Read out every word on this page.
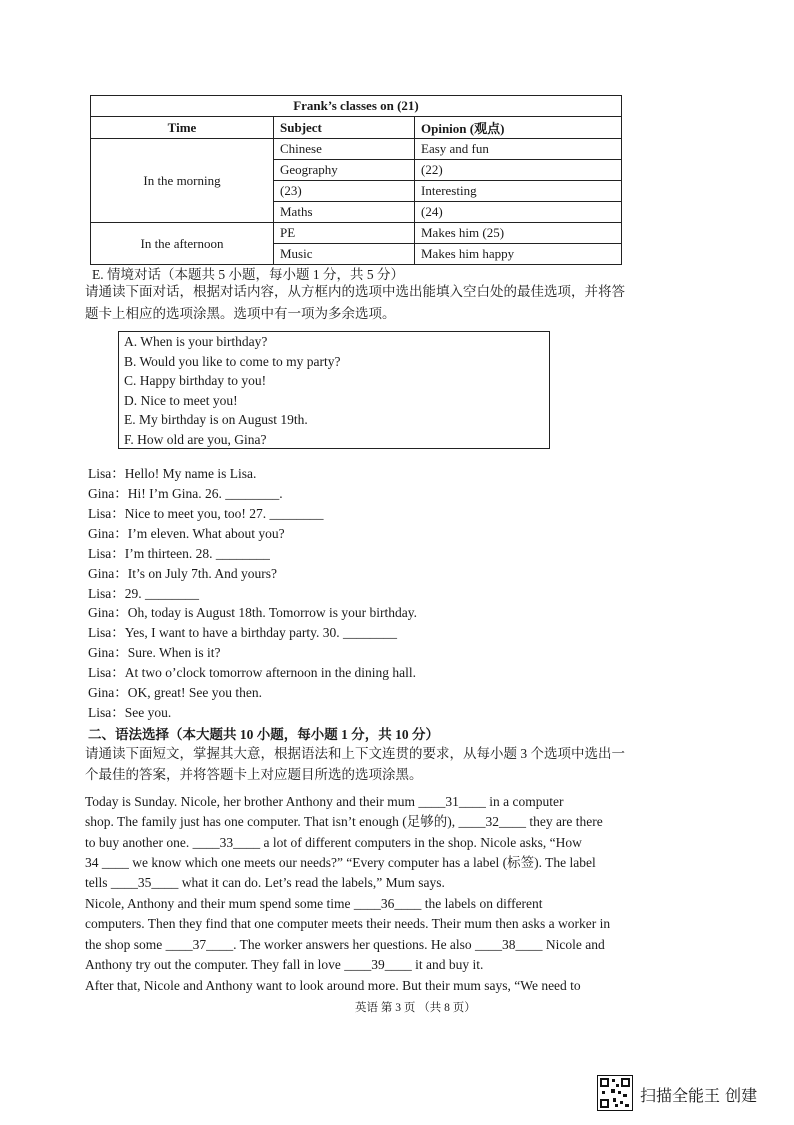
Frank’s classes on (21)		
Time	Subject	Opinion (观点)
In the morning	Chinese	Easy and fun
	Geography	(22)
	(23)	Interesting
	Maths	(24)
In the afternoon	PE	Makes him (25)
	Music	Makes him happy
E. 情境对话（本题共 5 小题，每小题 1 分，共 5 分）
请通读下面对话，根据对话内容，从方框内的选项中选出能填入空白处的最佳选项，并将答
题卡上相应的选项涂黑。选项中有一项为多余选项。
A. When is your birthday?
B. Would you like to come to my party?
C. Happy birthday to you!
D. Nice to meet you!
E. My birthday is on August 19th.
F. How old are you, Gina?
Lisa：Hello! My name is Lisa.
Gina：Hi! I’m Gina. 26. ________.
Lisa：Nice to meet you, too! 27. ________
Gina：I’m eleven. What about you?
Lisa：I’m thirteen. 28. ________
Gina：It’s on July 7th. And yours?
Lisa：29. ________
Gina：Oh, today is August 18th. Tomorrow is your birthday.
Lisa：Yes, I want to have a birthday party. 30. ________
Gina：Sure. When is it?
Lisa：At two o’clock tomorrow afternoon in the dining hall.
Gina：OK, great! See you then.
Lisa：See you.
二、语法选择（本大题共 10 小题，每小题 1 分，共 10 分）
请通读下面短文，掌握其大意，根据语法和上下文连贯的要求，从每小题 3 个选项中选出一
个最佳的答案，并将答题卡上对应题目所选的选项涂黑。
Today is Sunday. Nicole, her brother Anthony and their mum ____31____ in a computer
shop. The family just has one computer. That isn’t enough (足够的), ____32____ they are there
to buy another one. ____33____ a lot of different computers in the shop. Nicole asks, “How
34 ____ we know which one meets our needs?” “Every computer has a label (标签). The label
tells ____35____ what it can do. Let’s read the labels,” Mum says.
Nicole, Anthony and their mum spend some time ____36____ the labels on different
computers. Then they find that one computer meets their needs. Their mum then asks a worker in
the shop some ____37____. The worker answers her questions. He also ____38____ Nicole and
Anthony try out the computer. They fall in love ____39____ it and buy it.
After that, Nicole and Anthony want to look around more. But their mum says, “We need to
英语 第 3 页 （共 8 页）
扫描全能王 创建
